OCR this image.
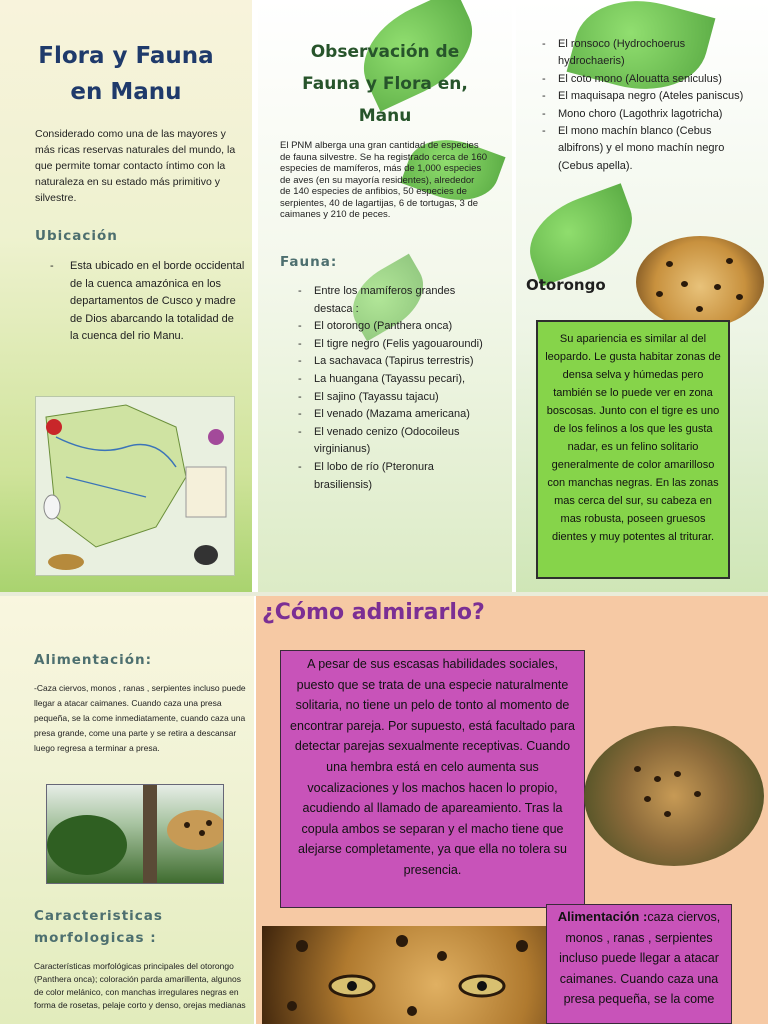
Flora y Fauna
en Manu
Considerado como una de las mayores y más ricas reservas naturales del mundo, la que permite tomar contacto íntimo con la naturaleza en su estado más primitivo y silvestre.
Ubicación
- Esta ubicado en el borde occidental de la cuenca amazónica en los departamentos de Cusco y madre de Dios abarcando la totalidad de la cuenca del rio Manu.
Observación de
Fauna y Flora en,
Manu
El PNM alberga una gran cantidad de especies de fauna silvestre. Se ha registrado cerca de 160 especies de mamíferos, más de 1,000 especies de aves (en su mayoría residentes), alrededor de 140 especies de anfibios, 50 especies de serpientes, 40 de lagartijas, 6 de tortugas, 3 de caimanes y 210 de peces.
Fauna:
- Entre los mamíferos grandes destaca :
- El otorongo (Panthera onca)
- El tigre negro (Felis yagouaroundi)
- La sachavaca (Tapirus terrestris)
- La huangana (Tayassu pecari),
- El sajino (Tayassu tajacu)
- El venado (Mazama americana)
- El venado cenizo (Odocoileus virginianus)
- El lobo de río (Pteronura brasiliensis)
- El ronsoco (Hydrochoerus hydrochaeris)
- El coto mono (Alouatta seniculus)
- El maquisapa negro (Ateles paniscus)
- Mono choro (Lagothrix lagotricha)
- El mono machín blanco (Cebus albifrons) y el mono machín negro (Cebus apella).
Otorongo
Su apariencia es similar al del leopardo. Le gusta habitar zonas de densa selva y húmedas pero también se lo puede ver en zona boscosas. Junto con el tigre es uno de los felinos a los que les gusta nadar, es un felino solitario generalmente de color amarilloso con manchas negras. En las zonas mas cerca del sur, su cabeza en mas robusta, poseen gruesos dientes y muy potentes al triturar.
Alimentación:
-Caza ciervos, monos , ranas , serpientes incluso puede llegar a atacar caimanes. Cuando caza una presa pequeña, se la come inmediatamente, cuando caza una presa grande, come una parte y se retira a descansar luego regresa a terminar a presa.
Caracteristicas
morfologicas :
Características morfológicas principales del otorongo (Panthera onca); coloración parda amarillenta, algunos de color melánico, con manchas irregulares negras en forma de rosetas, pelaje corto y denso, orejas medianas
¿Cómo admirarlo?
A pesar de sus escasas habilidades sociales, puesto que se trata de una especie naturalmente solitaria, no tiene un pelo de tonto al momento de encontrar pareja. Por supuesto, está facultado para detectar parejas sexualmente receptivas. Cuando una hembra está en celo aumenta sus vocalizaciones y los machos hacen lo propio, acudiendo al llamado de apareamiento. Tras la copula ambos se separan y el macho tiene que alejarse completamente, ya que ella no tolera su presencia.
Alimentación :caza ciervos, monos , ranas , serpientes incluso puede llegar a atacar caimanes. Cuando caza una presa pequeña, se la come
